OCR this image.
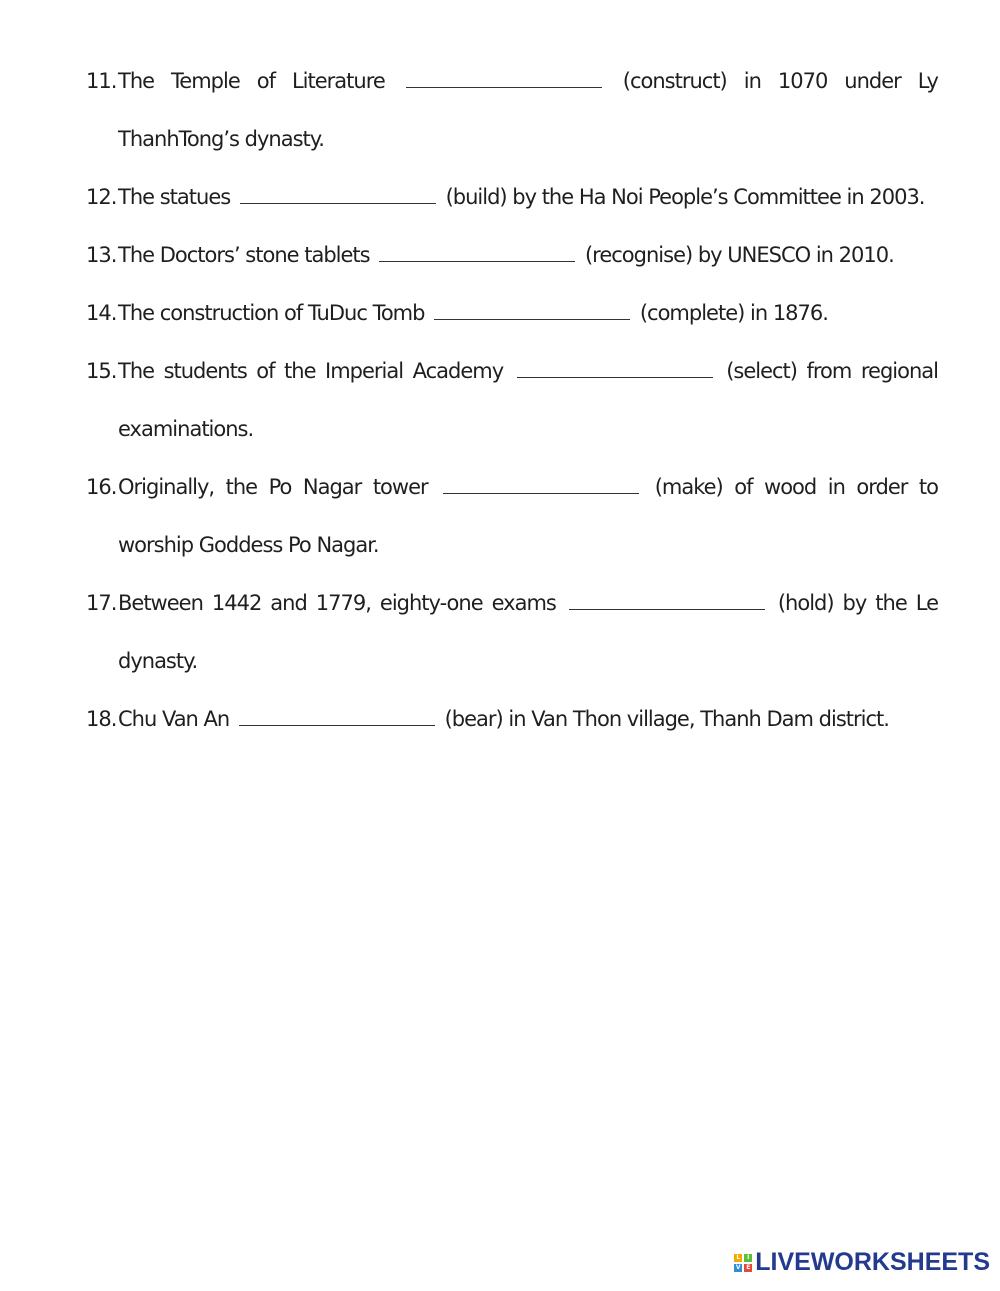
11. The Temple of Literature	(construct) in 1070 under Ly ThanhTong’s dynasty.
12. The statues	(build) by the Ha Noi People’s Committee in 2003.
13. The Doctors’ stone tablets	(recognise) by UNESCO in 2010.
14. The construction of TuDuc Tomb	(complete) in 1876.
15. The students of the Imperial Academy	(select) from regional examinations.
16. Originally, the Po Nagar tower	(make) of wood in order to worship Goddess Po Nagar.
17. Between 1442 and 1779, eighty-one exams	(hold) by the Le dynasty.
18. Chu Van An	(bear) in Van Thon village, Thanh Dam district.
L	I
V E LIVEWORKSHEETS
